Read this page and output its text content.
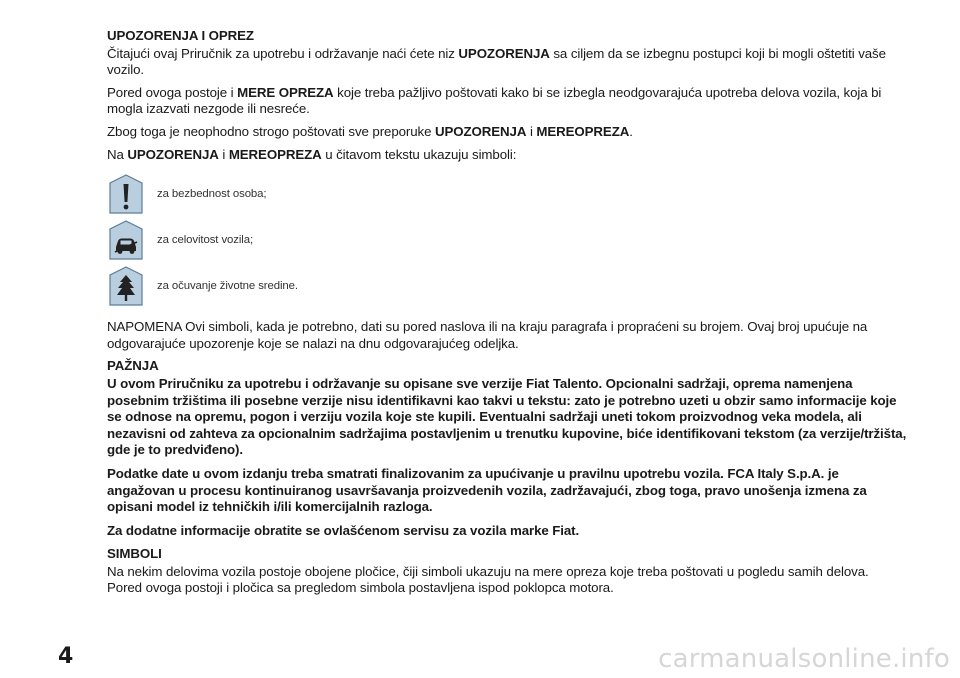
UPOZORENJA I OPREZ

Čitajući ovaj Priručnik za upotrebu i održavanje naći ćete niz UPOZORENJA sa ciljem da se izbegnu postupci koji bi mogli oštetiti vaše vozilo.

Pored ovoga postoje i MERE OPREZA koje treba pažljivo poštovati kako bi se izbegla neodgovarajuća upotreba delova vozila, koja bi mogla izazvati nezgode ili nesreće.

Zbog toga je neophodno strogo poštovati sve preporuke UPOZORENJA i MEREOPREZA.

Na UPOZORENJA i MEREOPREZA u čitavom tekstu ukazuju simboli:

za bezbednost osoba;
za celovitost vozila;
za očuvanje životne sredine.

NAPOMENA Ovi simboli, kada je potrebno, dati su pored naslova ili na kraju paragrafa i propraćeni su brojem. Ovaj broj upućuje na odgovarajuće upozorenje koje se nalazi na dnu odgovarajućeg odeljka.

PAŽNJA

U ovom Priručniku za upotrebu i održavanje su opisane sve verzije Fiat Talento. Opcionalni sadržaji, oprema namenjena posebnim tržištima ili posebne verzije nisu identifikavni kao takvi u tekstu: zato je potrebno uzeti u obzir samo informacije koje se odnose na opremu, pogon i verziju vozila koje ste kupili. Eventualni sadržaji uneti tokom proizvodnog veka modela, ali nezavisni od zahteva za opcionalnim sadržajima postavljenim u trenutku kupovine, biće identifikovani tekstom (za verzije/tržišta, gde je to predviđeno).

Podatke date u ovom izdanju treba smatrati finalizovanim za upućivanje u pravilnu upotrebu vozila. FCA Italy S.p.A. je angažovan u procesu kontinuiranog usavršavanja proizvedenih vozila, zadržavajući, zbog toga, pravo unošenja izmena za opisani model iz tehničkih i/ili komercijalnih razloga.

Za dodatne informacije obratite se ovlašćenom servisu za vozila marke Fiat.

SIMBOLI

Na nekim delovima vozila postoje obojene pločice, čiji simboli ukazuju na mere opreza koje treba poštovati u pogledu samih delova. Pored ovoga postoji i pločica sa pregledom simbola postavljena ispod poklopca motora.

4	carmanualsonline.info
